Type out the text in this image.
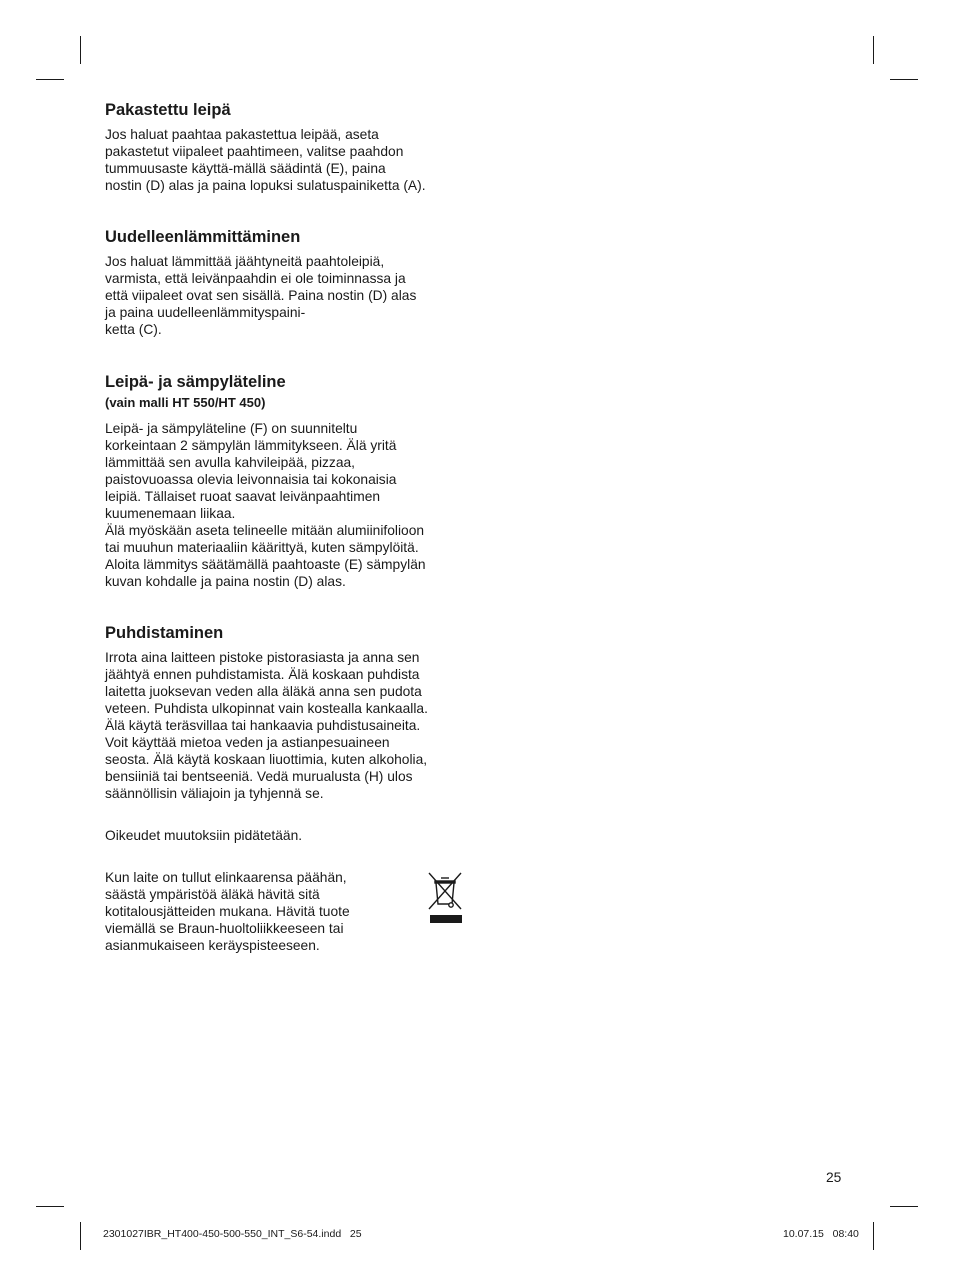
Pakastettu leipä

Jos haluat paahtaa pakastettua leipää, aseta
pakastetut viipaleet paahtimeen, valitse paahdon
tummuusaste käyttä-mällä säädintä (E), paina
nostin (D) alas ja paina lopuksi sulatuspainiketta (A).

Uudelleenlämmittäminen

Jos haluat lämmittää jäähtyneitä paahtoleipiä,
varmista, että leivänpaahdin ei ole toiminnassa ja
että viipaleet ovat sen sisällä. Paina nostin (D) alas
ja paina uudelleenlämmityspaini-
ketta (C).

Leipä- ja sämpyläteline
(vain malli HT 550/HT 450)

Leipä- ja sämpyläteline (F) on suunniteltu
korkeintaan 2 sämpylän lämmitykseen. Älä yritä
lämmittää sen avulla kahvileipää, pizzaa,
paistovuoassa olevia leivonnaisia tai kokonaisia
leipiä. Tällaiset ruoat saavat leivänpaahtimen
kuumenemaan liikaa.
Älä myöskään aseta telineelle mitään alumiinifolioon
tai muuhun materiaaliin käärittyä, kuten sämpylöitä.
Aloita lämmitys säätämällä paahtoaste (E) sämpylän
kuvan kohdalle ja paina nostin (D) alas.

Puhdistaminen

Irrota aina laitteen pistoke pistorasiasta ja anna sen
jäähtyä ennen puhdistamista. Älä koskaan puhdista
laitetta juoksevan veden alla äläkä anna sen pudota
veteen. Puhdista ulkopinnat vain kostealla kankaalla.
Älä käytä teräsvillaa tai hankaavia puhdistusaineita.
Voit käyttää mietoa veden ja astianpesuaineen
seosta. Älä käytä koskaan liuottimia, kuten alkoholia,
bensiiniä tai bentseeniä. Vedä murualusta (H) ulos
säännöllisin väliajoin ja tyhjennä se.

Oikeudet muutoksiin pidätetään.

Kun laite on tullut elinkaarensa päähän,
säästä ympäristöä äläkä hävitä sitä
kotitalousjätteiden mukana. Hävitä tuote
viemällä se Braun-huoltoliikkeeseen tai
asianmukaiseen keräyspisteeseen.

25
2301027IBR_HT400-450-500-550_INT_S6-54.indd   25	10.07.15   08:40
